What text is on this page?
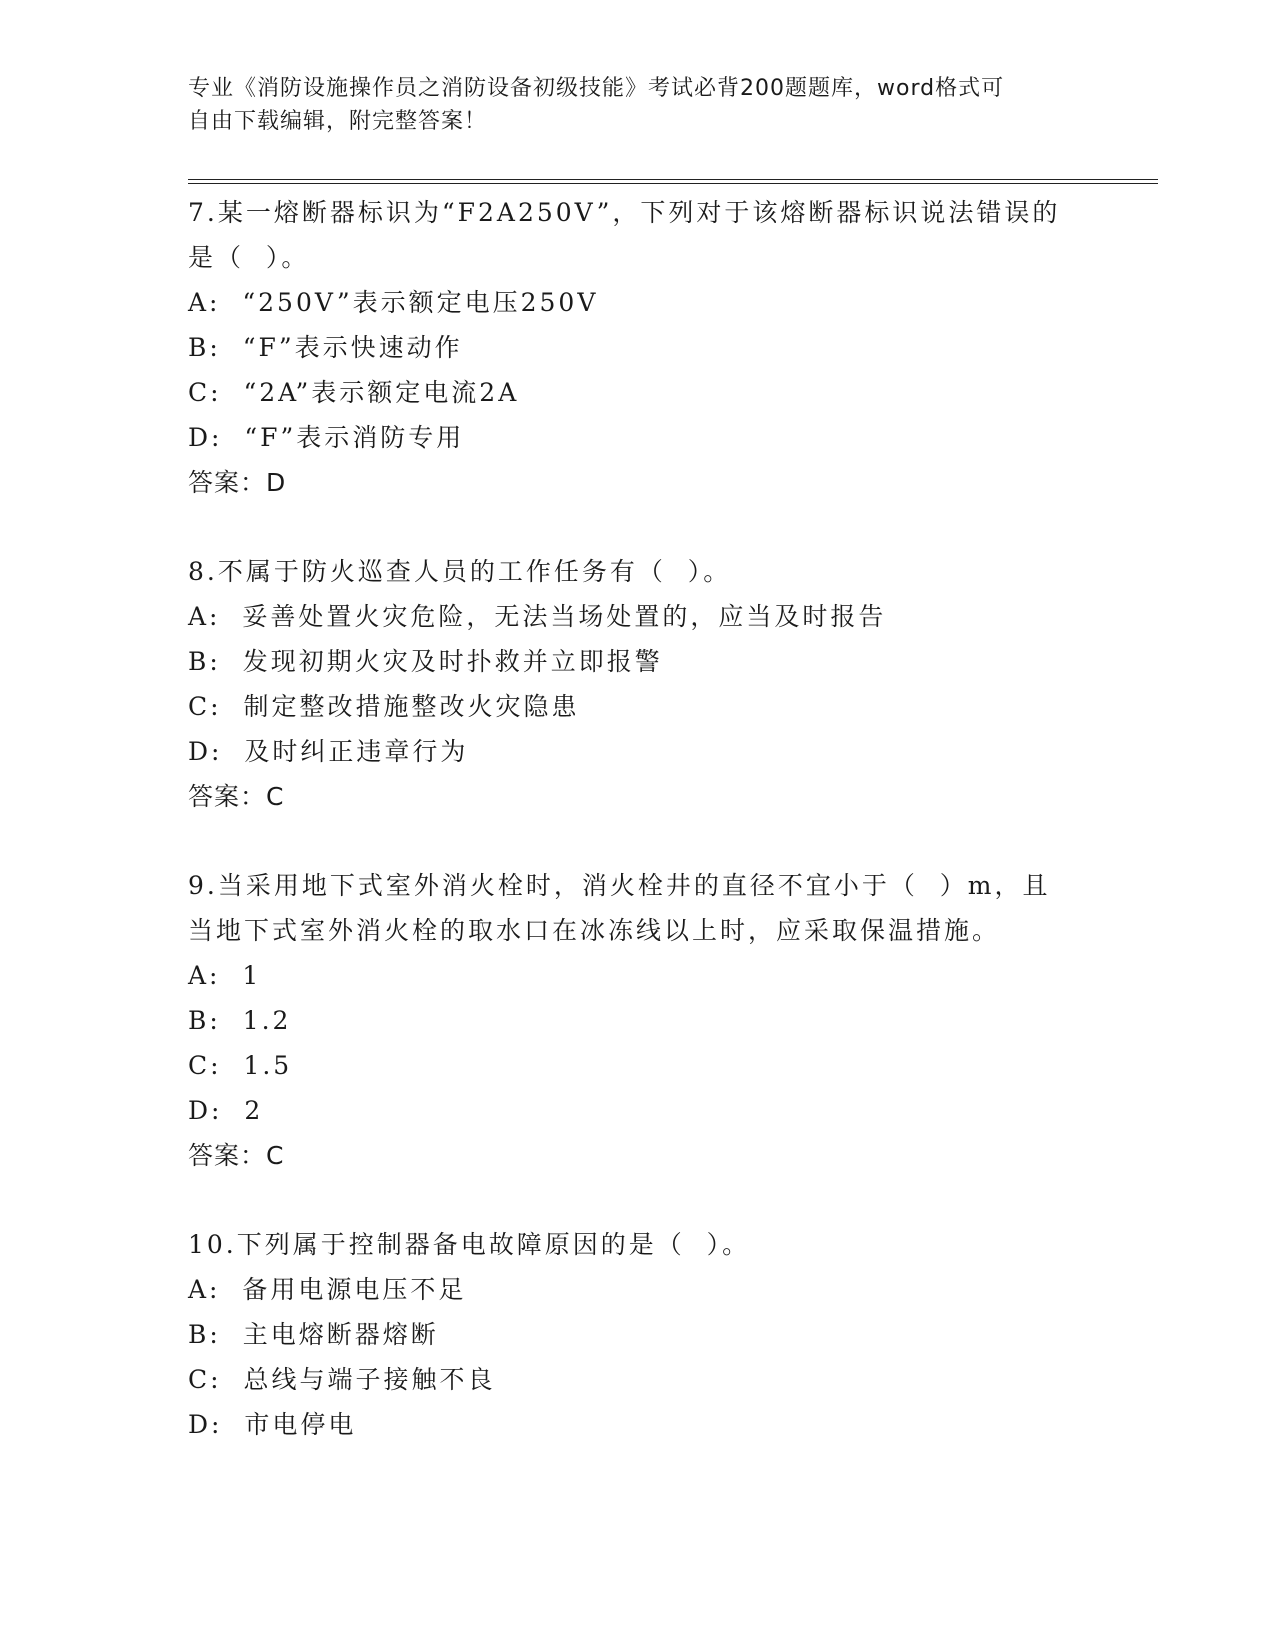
专业《消防设施操作员之消防设备初级技能》考试必背200题题库，word格式可
自由下载编辑，附完整答案！
7.某一熔断器标识为“F2A250V”，下列对于该熔断器标识说法错误的
是（  ）。
A:  “250V”表示额定电压250V
B:  “F”表示快速动作
C:  “2A”表示额定电流2A
D:  “F”表示消防专用
答案：D
8.不属于防火巡查人员的工作任务有（  ）。
A:  妥善处置火灾危险，无法当场处置的，应当及时报告
B:  发现初期火灾及时扑救并立即报警
C:  制定整改措施整改火灾隐患
D:  及时纠正违章行为
答案：C
9.当采用地下式室外消火栓时，消火栓井的直径不宜小于（  ）m，且
当地下式室外消火栓的取水口在冰冻线以上时，应采取保温措施。
A:  1
B:  1.2
C:  1.5
D:  2
答案：C
10.下列属于控制器备电故障原因的是（  ）。
A:  备用电源电压不足
B:  主电熔断器熔断
C:  总线与端子接触不良
D:  市电停电
